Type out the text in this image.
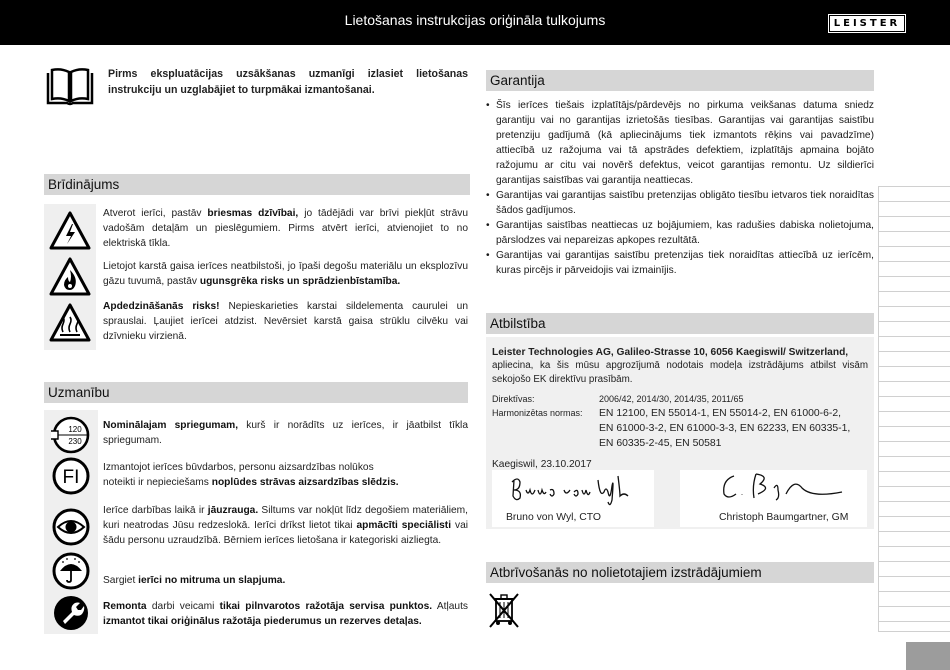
Lietošanas instrukcijas oriģināla tulkojums	LEISTER
Pirms ekspluatācijas uzsākšanas uzmanīgi izlasiet lietošanas instrukciju un uzglabājiet to turpmākai izmantošanai.
Brīdinājums
Atverot ierīci, pastāv briesmas dzīvībai, jo tādējādi var brīvi piekļūt strāvu vadošām detaļām un pieslēgumiem. Pirms atvērt ierīci, atvienojiet to no elektriskā tīkla.
Lietojot karstā gaisa ierīces neatbilstoši, jo īpaši degošu materiālu un eksplozīvu gāzu tuvumā, pastāv ugunsgrēka risks un sprādzienbīstamība.
Apdedzināšanās risks! Nepieskarieties karstai sildelementa caurulei un sprauslai. Ļaujiet ierīcei atdzist. Nevērsiet karstā gaisa strūklu cilvēku vai dzīvnieku virzienā.
Uzmanību
120
230
FI
Nominālajam spriegumam, kurš ir norādīts uz ierīces, ir jāatbilst tīkla spriegumam.
Izmantojot ierīces būvdarbos, personu aizsardzības nolūkos
noteikti ir nepieciešams noplūdes strāvas aizsardzības slēdzis.
Ierīce darbības laikā ir jāuzrauga. Siltums var nokļūt līdz degošiem materiāliem, kuri neatrodas Jūsu redzeslokā. Ierīci drīkst lietot tikai apmācīti speciālisti vai šādu personu uzraudzībā. Bērniem ierīces lietošana ir kategoriski aizliegta.
Sargiet ierīci no mitruma un slapjuma.
Remonta darbi veicami tikai pilnvarotos ražotāja servisa punktos. Atļauts izmantot tikai oriģinālus ražotāja piederumus un rezerves detaļas.
Garantija
• Šīs ierīces tiešais izplatītājs/pārdevējs no pirkuma veikšanas datuma sniedz garantiju vai no garantijas izrietošās tiesības. Garantijas vai garantijas saistību pretenziju gadījumā (kā apliecinājums tiek izmantots rēķins vai pavadzīme) attiecībā uz ražojuma vai tā apstrādes defektiem, izplatītājs apmaina bojāto ražojumu ar citu vai novērš defektus, veicot garantijas remontu. Uz sildierīci garantijas saistības vai garantija neattiecas.
• Garantijas vai garantijas saistību pretenzijas obligāto tiesību ietvaros tiek noraidītas šādos gadījumos.
• Garantijas saistības neattiecas uz bojājumiem, kas radušies dabiska nolietojuma, pārslodzes vai nepareizas apkopes rezultātā.
• Garantijas vai garantijas saistību pretenzijas tiek noraidītas attiecībā uz ierīcēm, kuras pircējs ir pārveidojis vai izmainījis.
Atbilstība
Leister Technologies AG, Galileo-Strasse 10, 6056 Kaegiswil/ Switzerland,
apliecina, ka šis mūsu apgrozījumā nodotais modeļa izstrādājums atbilst visām sekojošo EK direktīvu prasībām.
Direktīvas:	2006/42, 2014/30, 2014/35, 2011/65
Harmonizētas normas: EN 12100, EN 55014-1, EN 55014-2, EN 61000-6-2,
EN 61000-3-2, EN 61000-3-3, EN 62233, EN 60335-1,
EN 60335-2-45, EN 50581
Kaegiswil, 23.10.2017
Bruno von Wyl, CTO	Christoph Baumgartner, GM
Atbrīvošanās no nolietotajiem izstrādājumiem
